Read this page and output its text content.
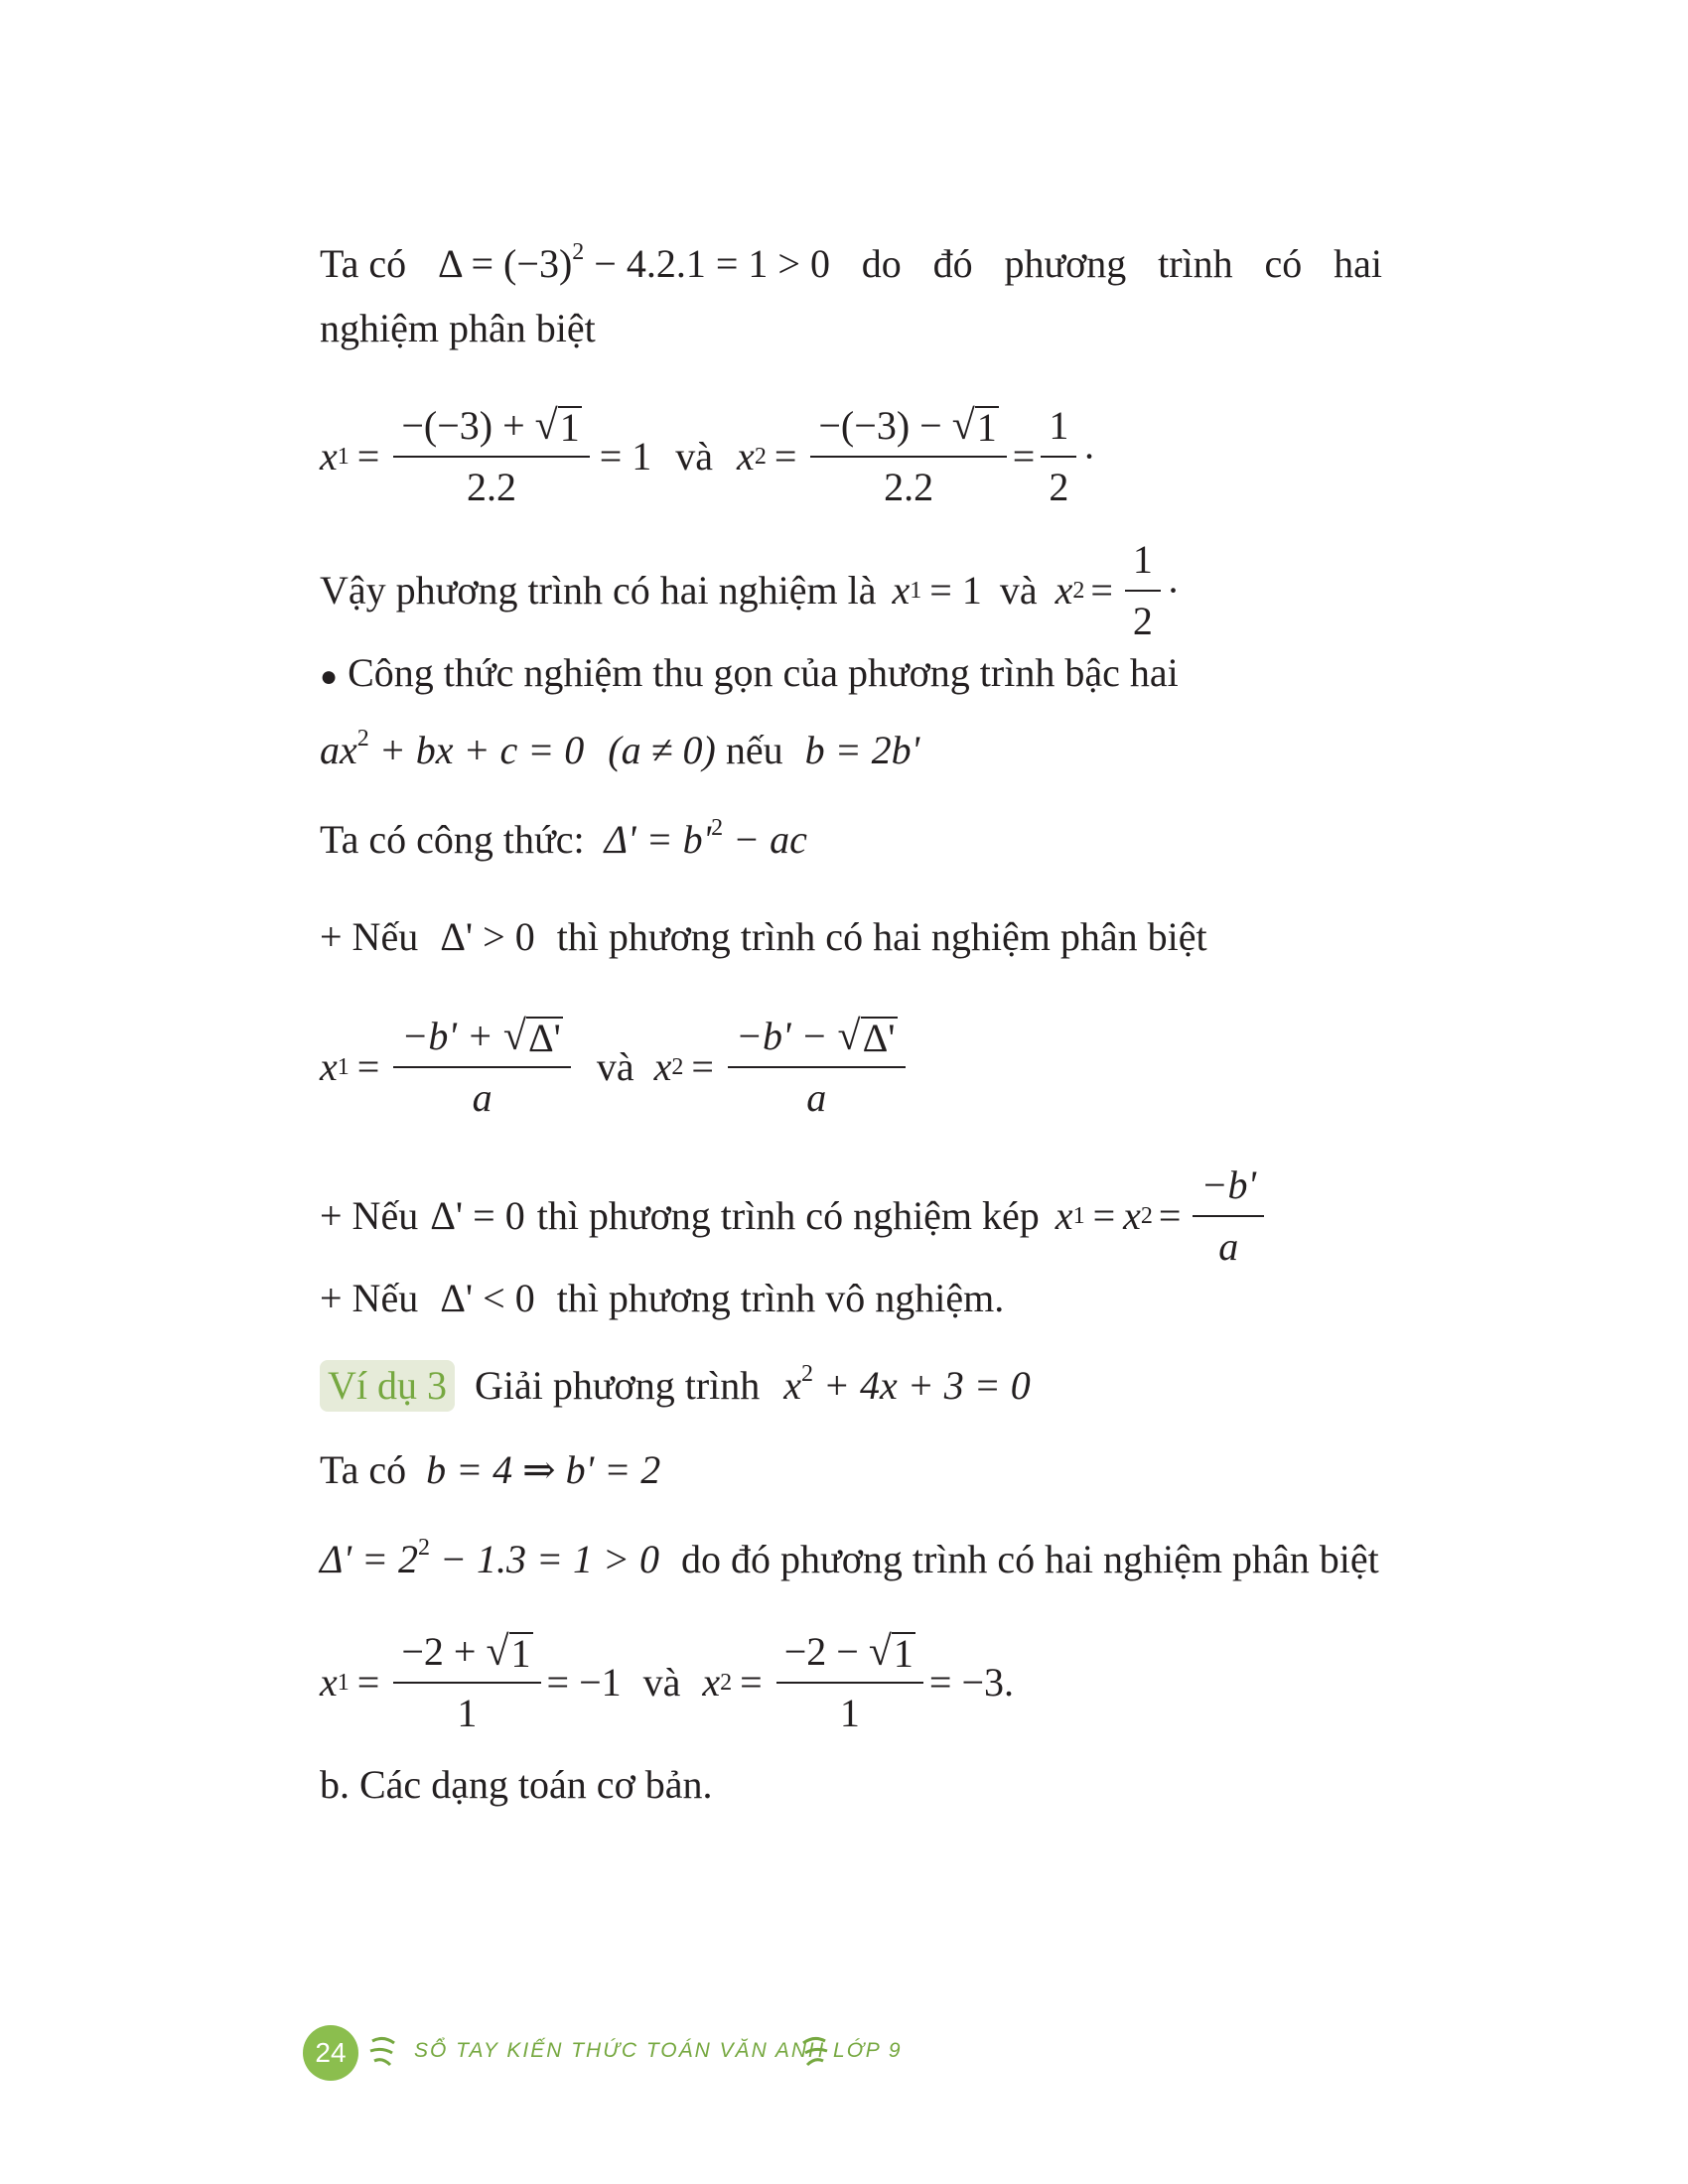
Ta có $\Delta = (-3)^2 - 4.2.1 = 1 > 0$ do đó phương trình có hai
nghiệm phân biệt
x $1 = \frac{-(-3) + √ 1}{2.2} = 1$ và x $2 = \frac{-(-3) - √ 1}{2.2} = \frac{1}{2}$ ·
Vậy phương trình có hai nghiệm là x 1 = 1 và x $2 = \frac{1}{2}$ ·
● Công thức nghiệm thu gọn của phương trình bậc hai
$ax^2$ + bx + c = 0 (a ≠ 0) nếu b = 2b'
Ta có công thức: $\Delta' = b'^2$ − ac
+ Nếu Δ' > 0 thì phương trình có hai nghiệm phân biệt
x $1 = \frac{-b' + √ \Delta'}{a}$ và x $2 = \frac{-b' - √ \Delta'}{a}$
+ Nếu Δ' = 0 thì phương trình có nghiệm kép x 1 = x $2 = \frac{-b'}{a}$
+ Nếu Δ' < 0 thì phương trình vô nghiệm.
Ví dụ 3 Giải phương trình $x^2 + 4x + 3 = 0$
Ta có b = 4 ⇒ b' = 2
$\Delta' = 2^2 - 1.3 = 1 > 0$ do đó phương trình có hai nghiệm phân biệt
x $1 = \frac{-2 + √ 1}{1} = -1$ và x $2 = \frac{-2 - √ 1}{1} = -3$.
b. Các dạng toán cơ bản.
24	SỔ TAY KIẾN THỨC TOÁN VĂN ANH LỚP 9
